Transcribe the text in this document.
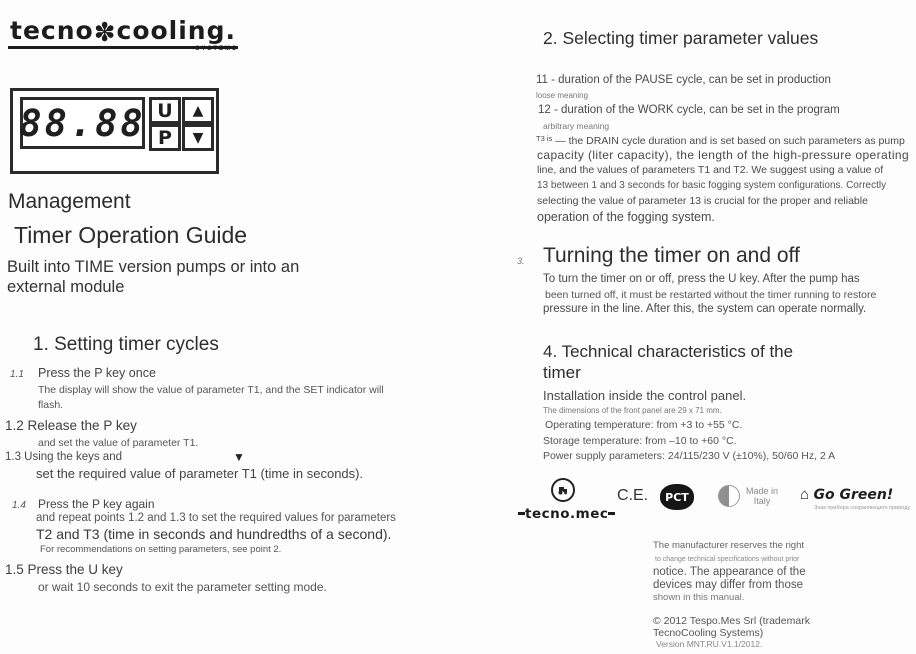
tecno✽cooling.
SYSTEMS
88.88 U	▲
P	▼
Management
Timer Operation Guide
Built into TIME version pumps or into an
external module
1. Setting timer cycles
1.1 Press the P key once
The display will show the value of parameter T1, and the SET indicator will
flash.
1.2 Release the P key
and set the value of parameter T1.
1.3 Using the keys and	▼
set the required value of parameter T1 (time in seconds).
1.4 Press the P key again
and repeat points 1.2 and 1.3 to set the required values for parameters
T2 and T3 (time in seconds and hundredths of a second).
For recommendations on setting parameters, see point 2.
1.5 Press the U key
or wait 10 seconds to exit the parameter setting mode.
2. Selecting timer parameter values
11 - duration of the PAUSE cycle, can be set in production
loose meaning
12 - duration of the WORK cycle, can be set in the program
arbitrary meaning
$^{T3 is}$ — the DRAIN cycle duration and is set based on such parameters as pump
capacity (liter capacity), the length of the high-pressure operating
line, and the values of parameters T1 and T2. We suggest using a value of
13 between 1 and 3 seconds for basic fogging system configurations. Correctly
selecting the value of parameter 13 is crucial for the proper and reliable
operation of the fogging system.
3. Turning the timer on and off
To turn the timer on or off, press the U key. After the pump has
been turned off, it must be restarted without the timer running to restore
pressure in the line. After this, the system can operate normally.
4. Technical characteristics of the
timer
Installation inside the control panel.
The dimensions of the front panel are 29 x 71 mm.
Operating temperature: from +3 to +55 °C.
Storage temperature: from –10 to +60 °C.
Power supply parameters: 24/115/230 V (±10%), 50/60 Hz, 2 A
tecno.mec
C.E.	РСТ	Made in
Italy	⌂ Go Green!
Знак прибора сохраняющего природу
The manufacturer reserves the right
to change technical specifications without prior
notice. The appearance of the
devices may differ from those
shown in this manual.
© 2012 Tespo.Mes Srl (trademark
TecnoCooling Systems)
Version MNT.RU.V1.1/2012.
